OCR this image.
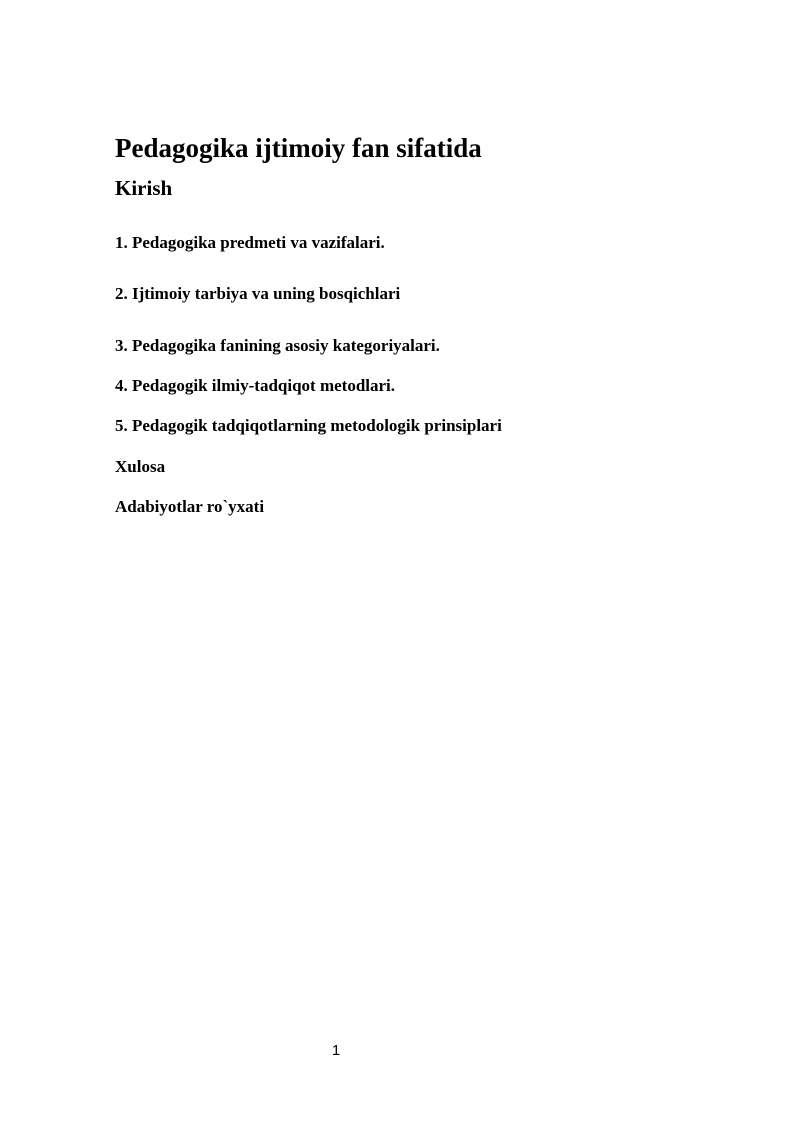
Pedagogika ijtimoiy fan sifatida
Kirish

1. Pedagogika predmeti va vazifalari.

2. Ijtimoiy tarbiya va uning bosqichlari

3. Pedagogika fanining asosiy kategoriyalari.

4. Pedagogik ilmiy-tadqiqot metodlari.

5. Pedagogik tadqiqotlarning metodologik prinsiplari

Xulosa

Adabiyotlar ro`yxati

1
